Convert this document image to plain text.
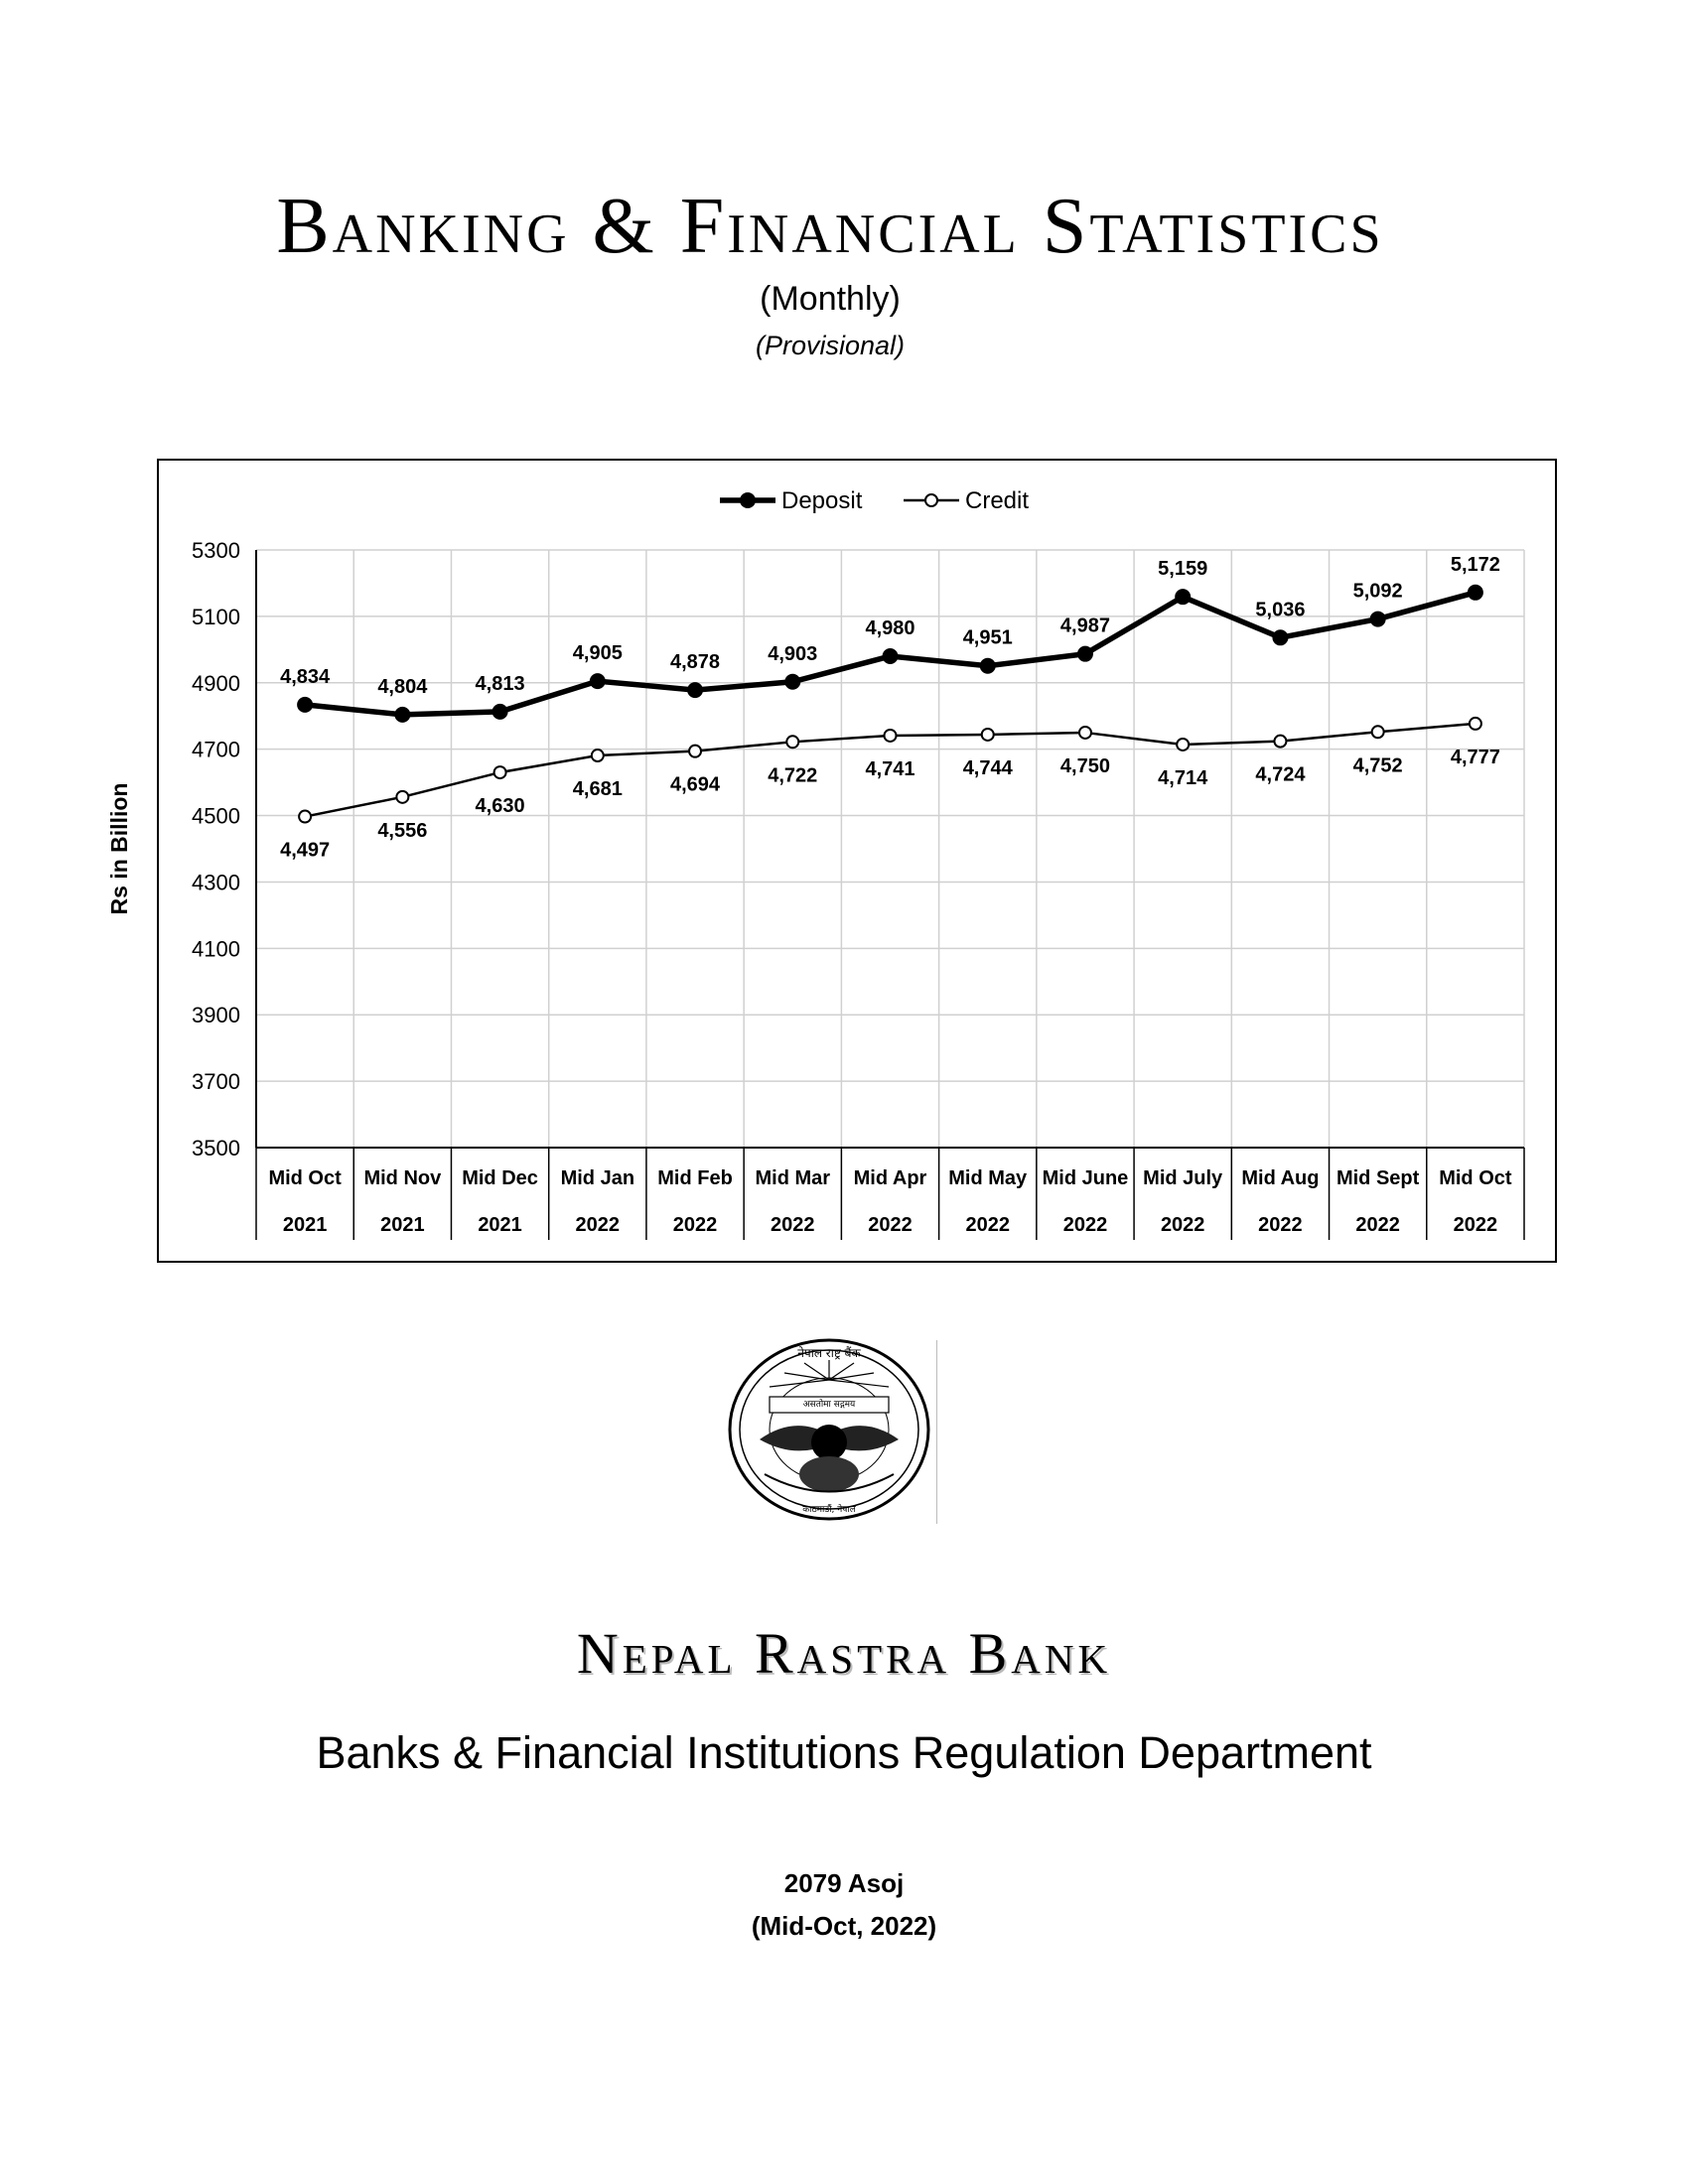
Banking & Financial Statistics
(Monthly)
(Provisional)
3500
3700
3900
4100
4300
4500
4700
4900
5100
5300
Mid Oct
2021
Mid Nov
2021
Mid Dec
2021
Mid Jan
2022
Mid Feb
2022
Mid Mar
2022
Mid Apr
2022
Mid May
2022
Mid June
2022
Mid July
2022
Mid Aug
2022
Mid Sept
2022
Mid Oct
2022
Rs in Billion
4,834 4,804 4,813
4,905 4,878 4,903
4,980 4,951
4,987
5,159
5,036
5,092
5,172
4,497
4,556
4,630
4,681 4,694 4,722 4,741 4,744 4,750
4,714 4,724 4,752 4,777
Deposit	Credit
असतोमा सद्गमय
नेपाल राष्ट्र बैंक
काठमाडौं, नेपाल
Nepal Rastra Bank
Banks & Financial Institutions Regulation Department
2079 Asoj
(Mid-Oct, 2022)
